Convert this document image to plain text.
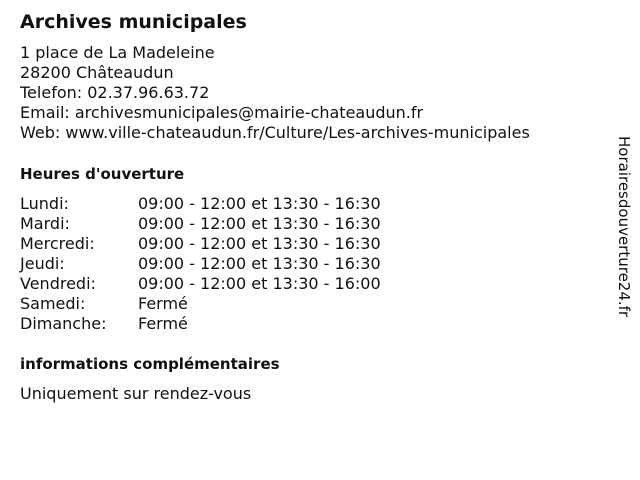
Archives municipales
1 place de La Madeleine
28200 Châteaudun
Telefon: 02.37.96.63.72
Email: archivesmunicipales@mairie-chateaudun.fr
Web: www.ville-chateaudun.fr/Culture/Les-archives-municipales
Heures d'ouverture
Lundi:	09:00 - 12:00 et 13:30 - 16:30
Mardi:	09:00 - 12:00 et 13:30 - 16:30
Mercredi:	09:00 - 12:00 et 13:30 - 16:30
Jeudi:	09:00 - 12:00 et 13:30 - 16:30
Vendredi:	09:00 - 12:00 et 13:30 - 16:00
Samedi:	Fermé
Dimanche:	Fermé
informations complémentaires
Uniquement sur rendez-vous
Horairesdouverture24.fr
